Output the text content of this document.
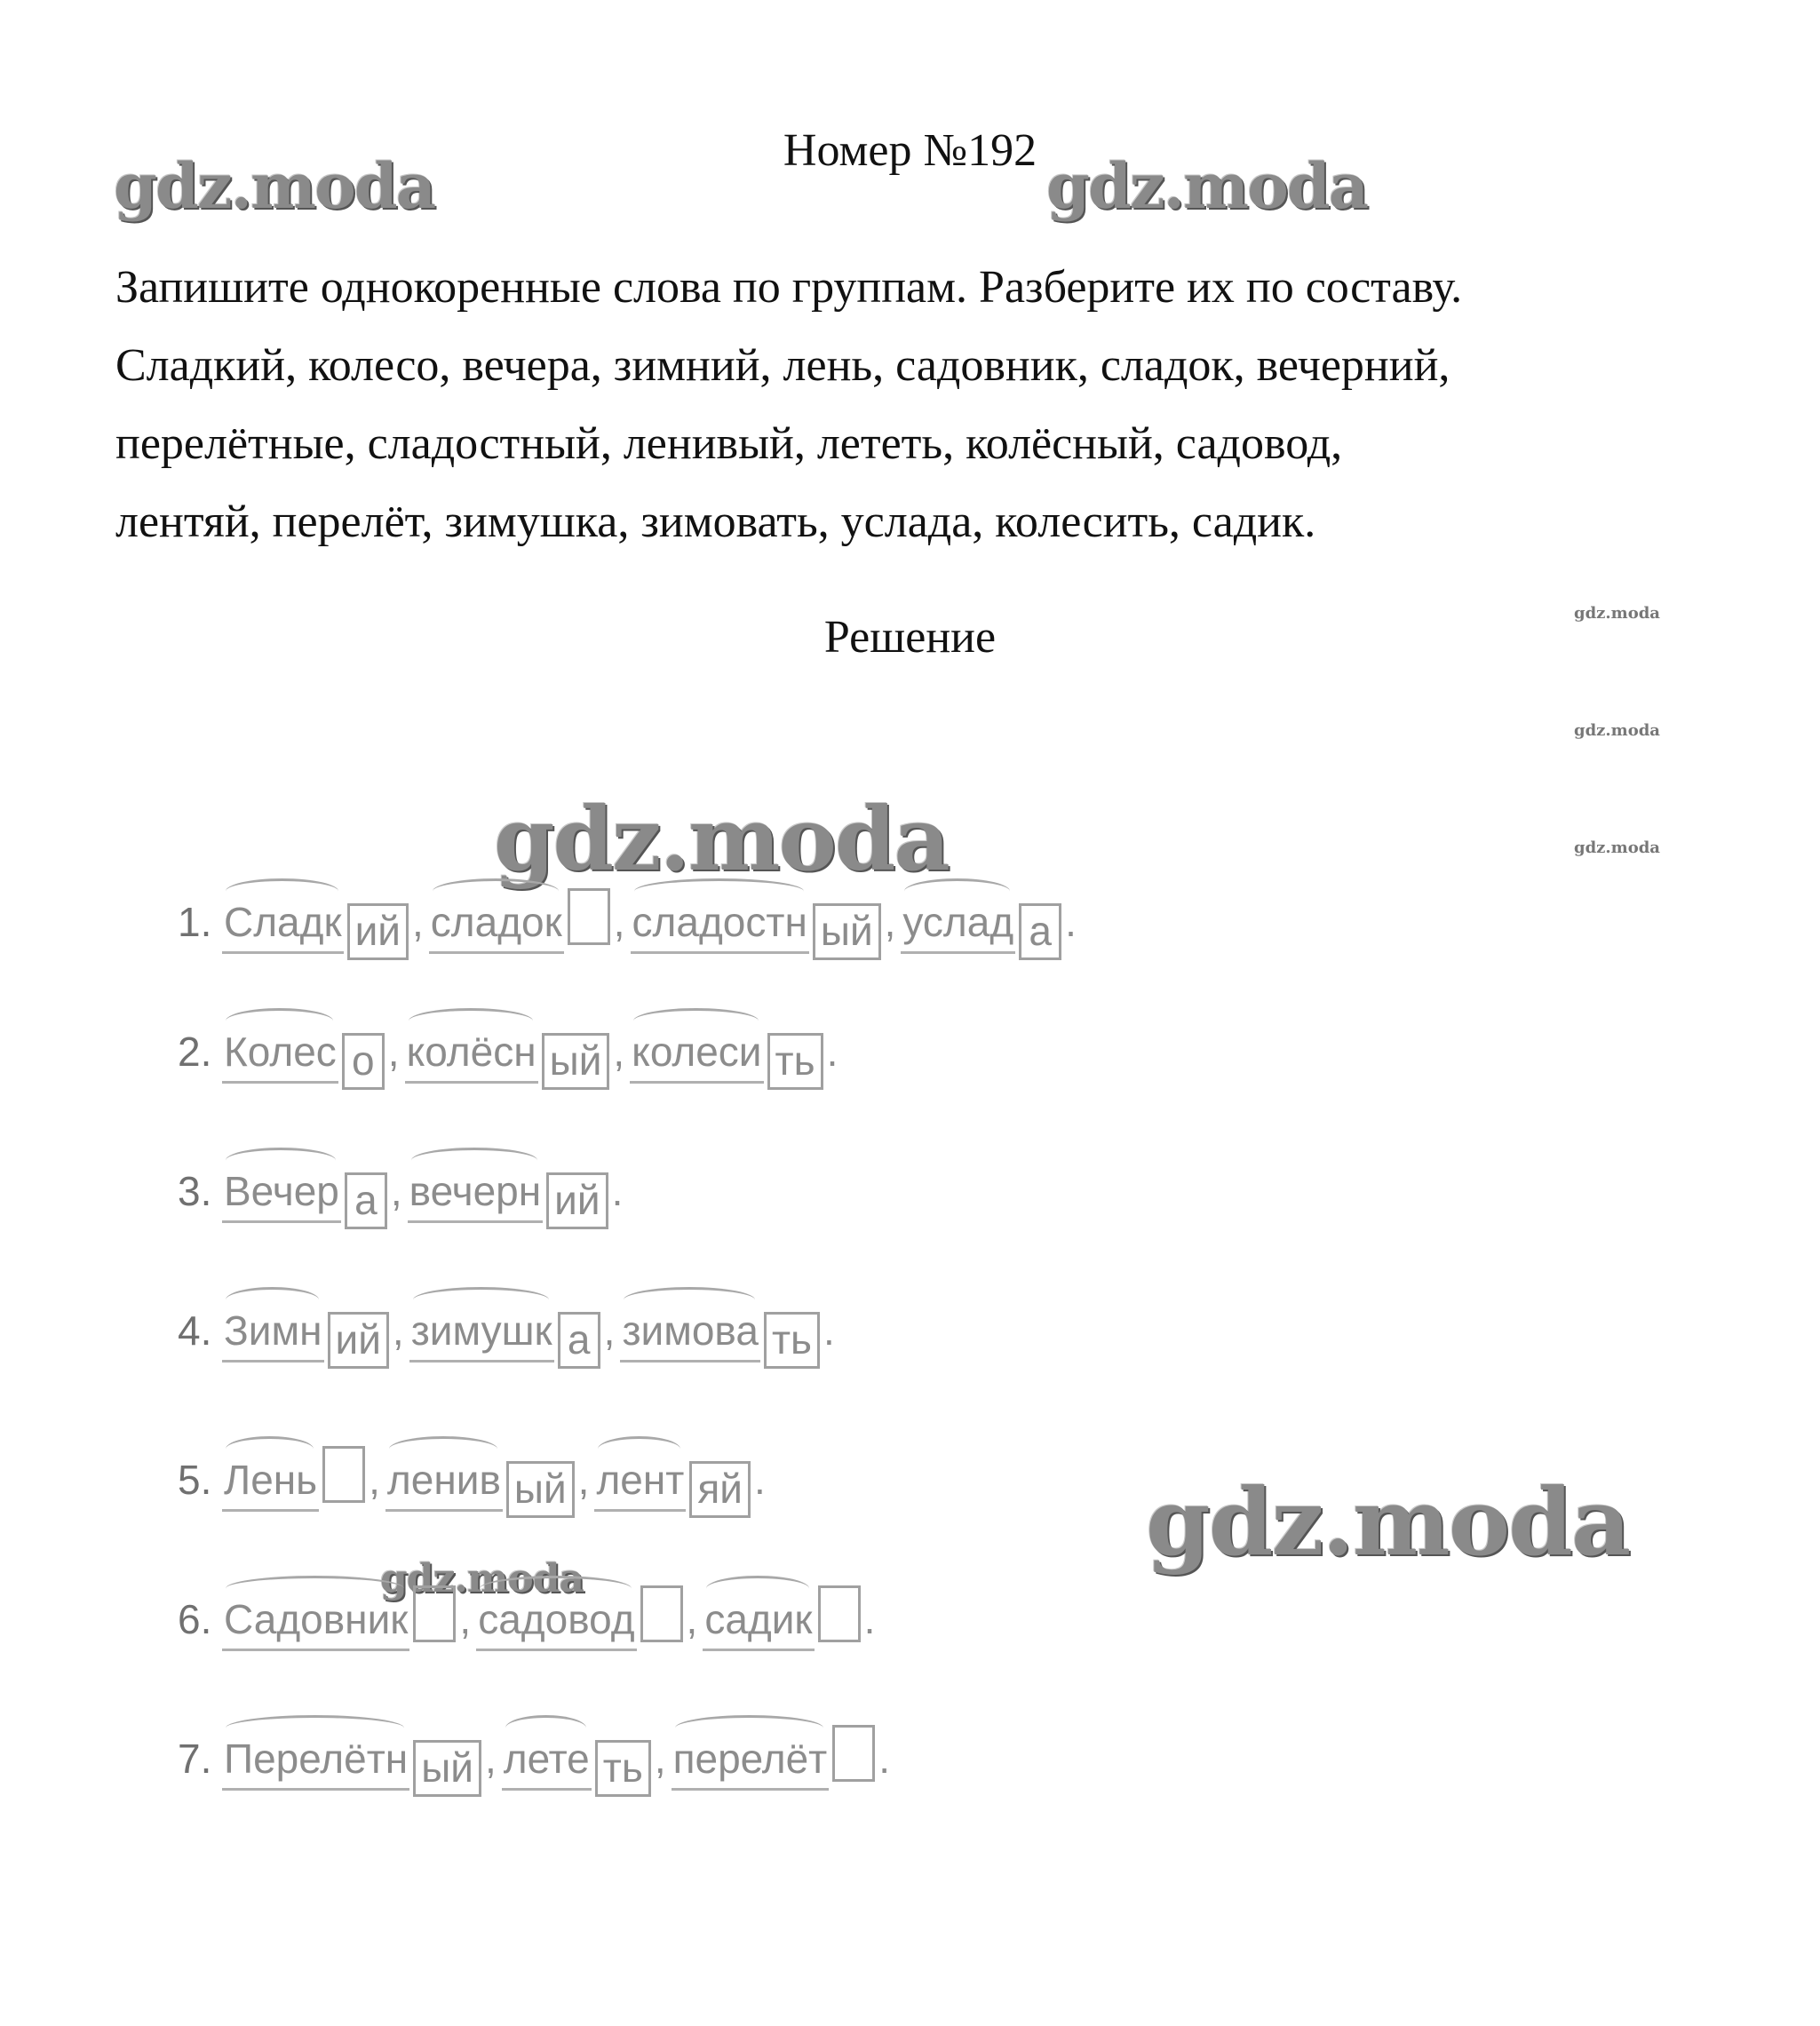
Номер №192
gdz.moda	gdz.moda
gdz.moda
gdz.moda
gdz.moda
gdz.moda
gdz.moda
gdz.moda
Запишите однокоренные слова по группам. Разберите их по составу.
Сладкий, колесо, вечера, зимний, лень, садовник, сладок, вечерний,
перелётные, сладостный, ленивый, лететь, колёсный, садовод,
лентяй, перелёт, зимушка, зимовать, услада, колесить, садик.
Решение
1. Сладк ий , сладок , сладостн ый , услад а .
2. Колес о , колёсн ый , колеси ть .
3. Вечер а , вечерн ий .
4. Зимн ий , зимушк а , зимова ть .
5. Лень , ленив ый , лент яй .
6. Садовник , садовод , садик .
7. Перелётн ый , лете ть , перелёт .
